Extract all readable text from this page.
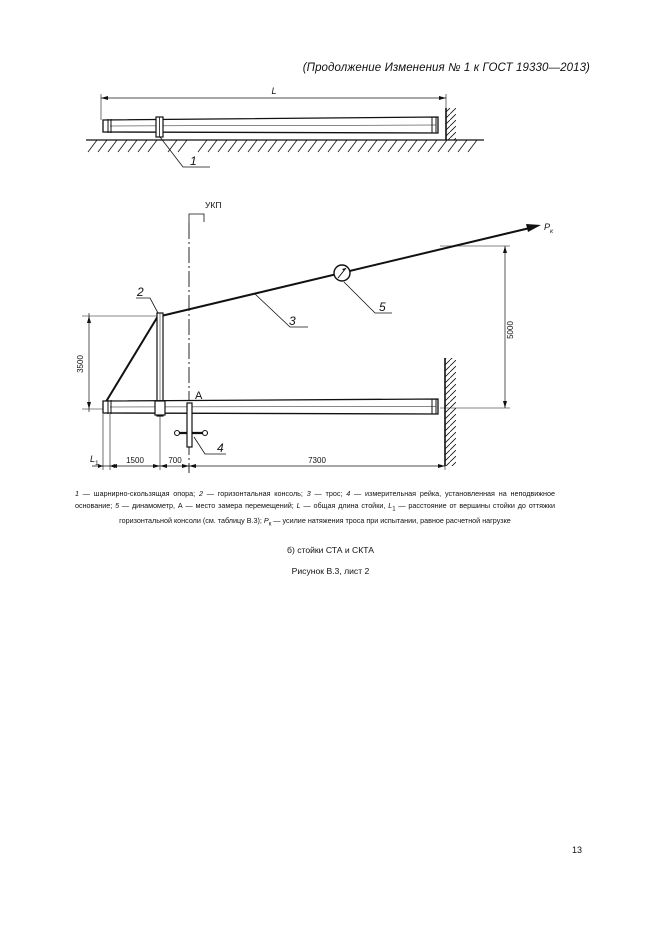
(Продолжение Изменения № 1 к ГОСТ 19330—2013)
L
1
УКП
$P_к$
А
2
3
5
4
3500
5000
$L_1$	1500	700	7300
1 — шарнирно-скользящая опора; 2 — горизонтальная консоль; 3 — трос; 4 — измерительная рейка, установленная на неподвижное основание; 5 — динамометр, А — место замера перемещений; L — общая длина стойки, $L_1$ — расстояние от вершины стойки до оттяжки горизонтальной консоли (см. таблицу В.3); $P_к$ — усилие натяжения троса при испытании, равное расчетной нагрузке
б) стойки СТА и СКТА
Рисунок В.3, лист 2
13
